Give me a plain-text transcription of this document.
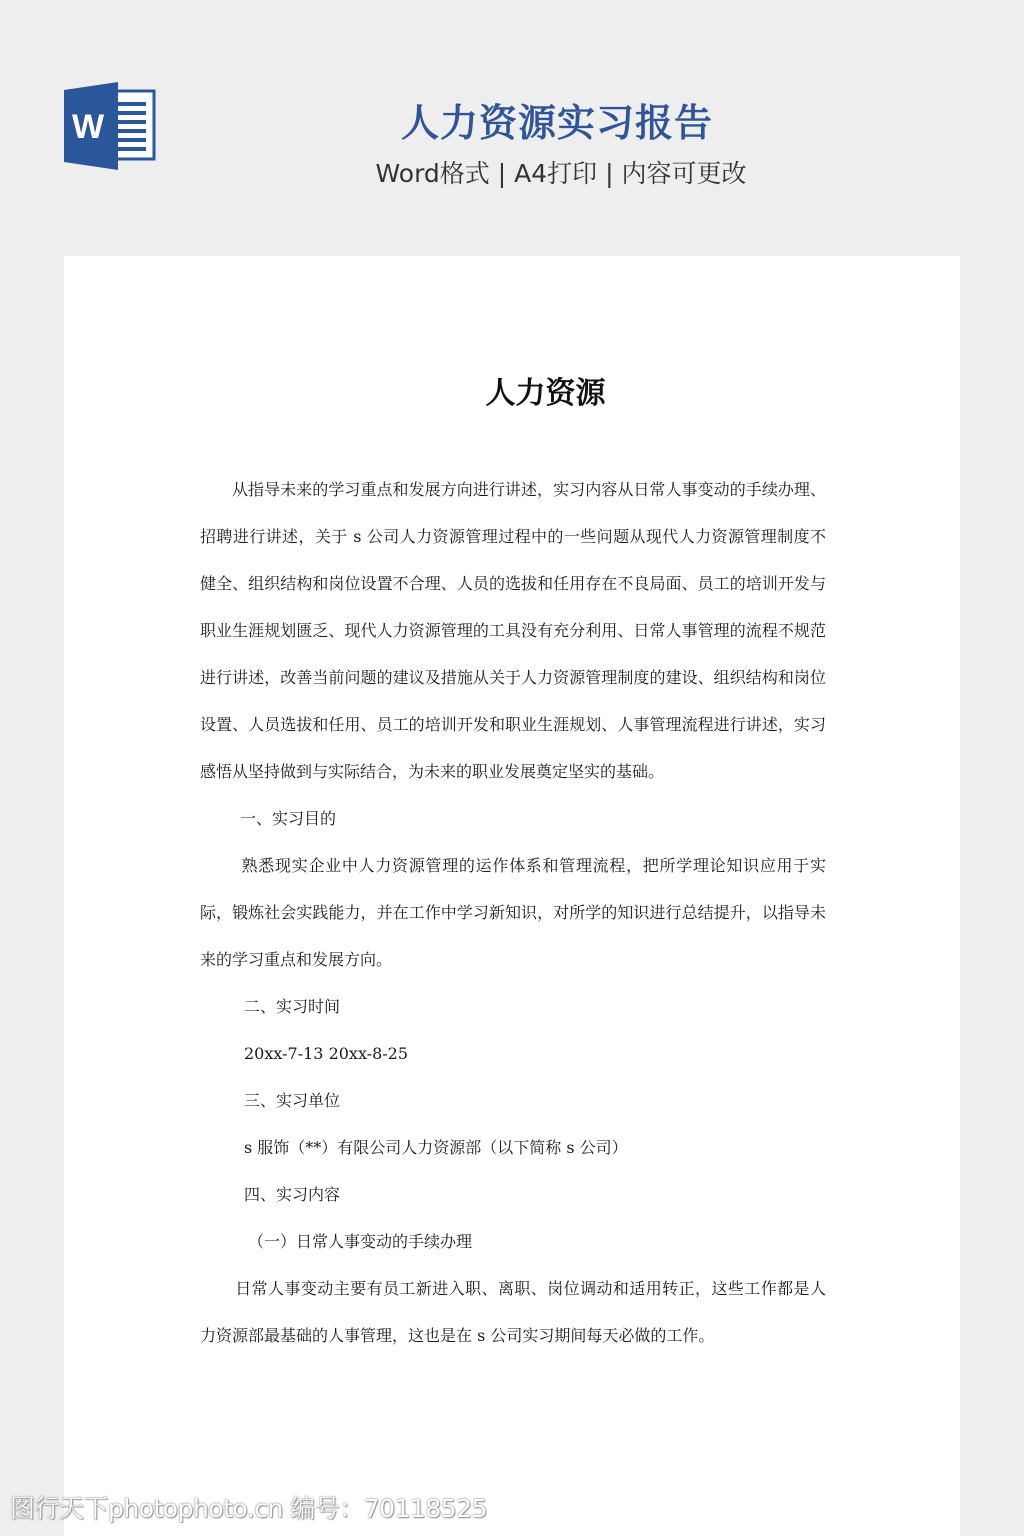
W	人力资源实习报告
Word格式 | A4打印 | 内容可更改
人力资源

从指导未来的学习重点和发展方向进行讲述，实习内容从日常人事变动的手续办理、招聘进行讲述，关于 s 公司人力资源管理过程中的一些问题从现代人力资源管理制度不健全、组织结构和岗位设置不合理、人员的选拔和任用存在不良局面、员工的培训开发与职业生涯规划匮乏、现代人力资源管理的工具没有充分利用、日常人事管理的流程不规范进行讲述，改善当前问题的建议及措施从关于人力资源管理制度的建设、组织结构和岗位设置、人员选拔和任用、员工的培训开发和职业生涯规划、人事管理流程进行讲述，实习感悟从坚持做到与实际结合，为未来的职业发展奠定坚实的基础。

一、实习目的

熟悉现实企业中人力资源管理的运作体系和管理流程，把所学理论知识应用于实际，锻炼社会实践能力，并在工作中学习新知识，对所学的知识进行总结提升，以指导未来的学习重点和发展方向。

二、实习时间

20xx-7-13 20xx-8-25

三、实习单位

s 服饰（**）有限公司人力资源部（以下简称 s 公司）

四、实习内容

（一）日常人事变动的手续办理

日常人事变动主要有员工新进入职、离职、岗位调动和适用转正，这些工作都是人力资源部最基础的人事管理，这也是在 s 公司实习期间每天必做的工作。

图行天下photophoto.cn 编号：70118525
